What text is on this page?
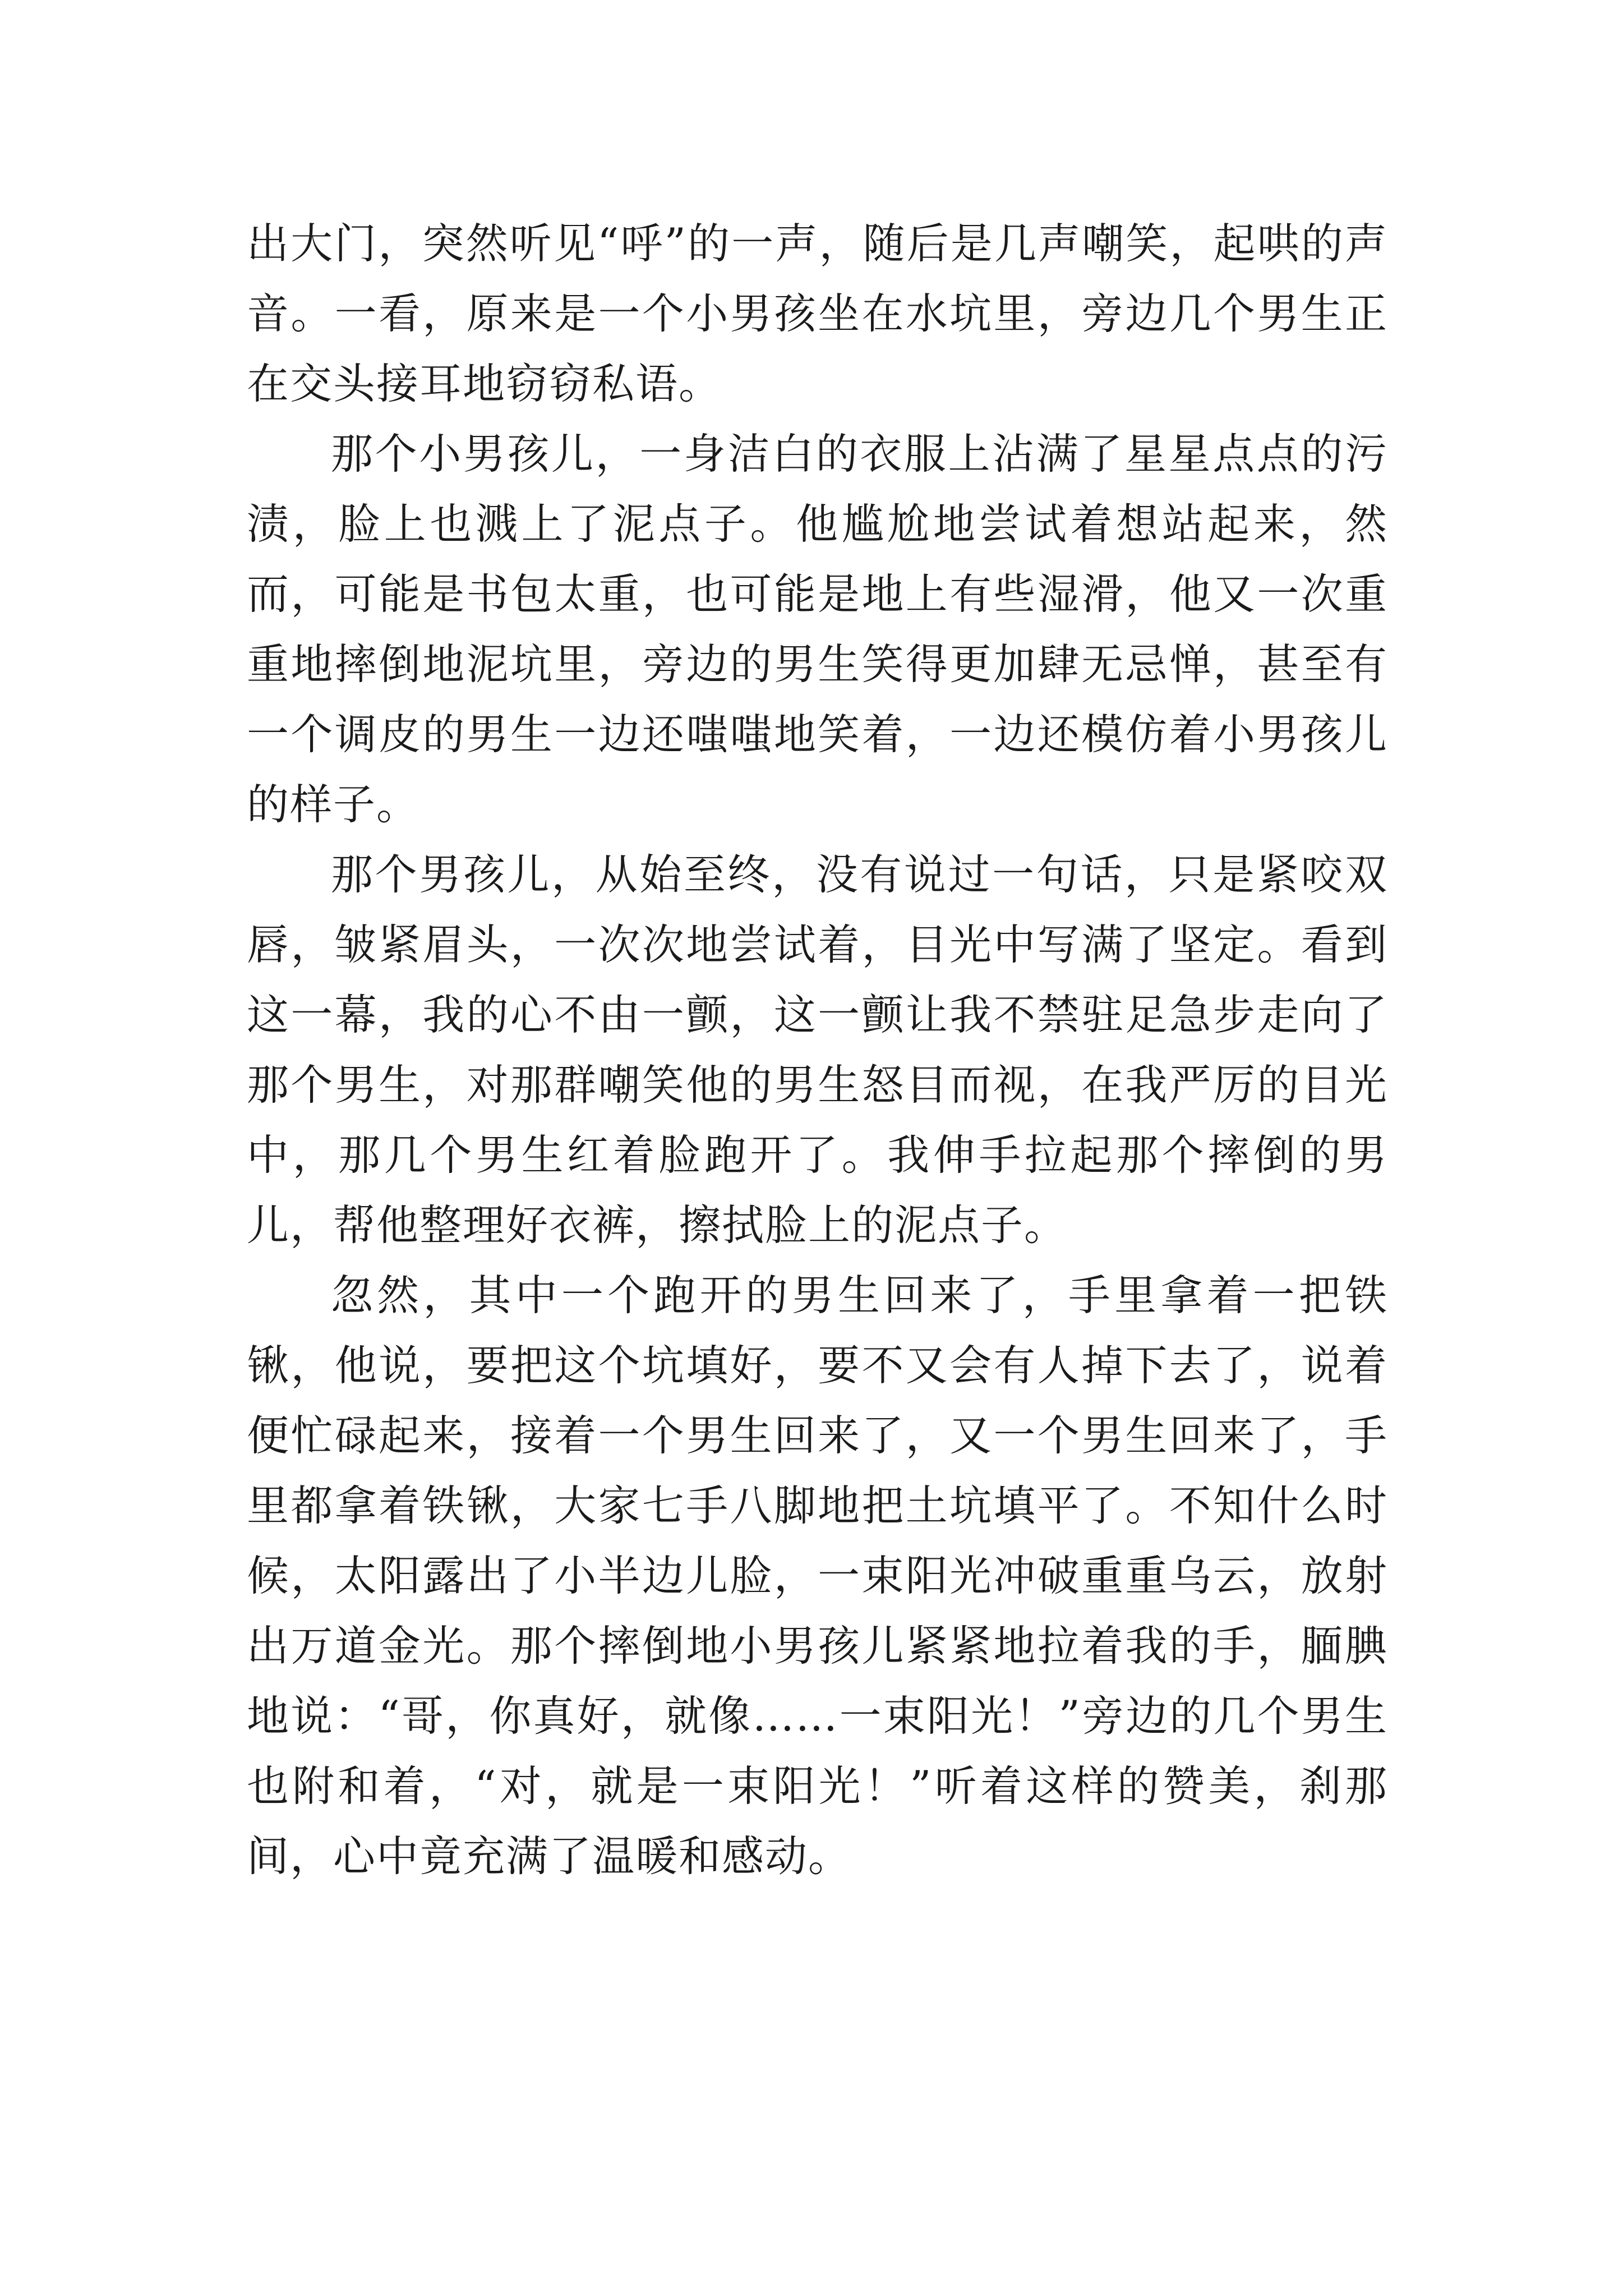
出大门，突然听见“呼”的一声，随后是几声嘲笑，起哄的声音。一看，原来是一个小男孩坐在水坑里，旁边几个男生正在交头接耳地窃窃私语。

那个小男孩儿，一身洁白的衣服上沾满了星星点点的污渍，脸上也溅上了泥点子。他尴尬地尝试着想站起来，然而，可能是书包太重，也可能是地上有些湿滑，他又一次重重地摔倒地泥坑里，旁边的男生笑得更加肆无忌惮，甚至有一个调皮的男生一边还嗤嗤地笑着，一边还模仿着小男孩儿的样子。

那个男孩儿，从始至终，没有说过一句话，只是紧咬双唇，皱紧眉头，一次次地尝试着，目光中写满了坚定。看到这一幕，我的心不由一颤，这一颤让我不禁驻足急步走向了那个男生，对那群嘲笑他的男生怒目而视，在我严厉的目光中，那几个男生红着脸跑开了。我伸手拉起那个摔倒的男儿，帮他整理好衣裤，擦拭脸上的泥点子。

忽然，其中一个跑开的男生回来了，手里拿着一把铁锹，他说，要把这个坑填好，要不又会有人掉下去了，说着便忙碌起来，接着一个男生回来了，又一个男生回来了，手里都拿着铁锹，大家七手八脚地把土坑填平了。不知什么时候，太阳露出了小半边儿脸，一束阳光冲破重重乌云，放射出万道金光。那个摔倒地小男孩儿紧紧地拉着我的手，腼腆地说：“哥，你真好，就像……一束阳光！”旁边的几个男生也附和着，“对，就是一束阳光！”听着这样的赞美，刹那间，心中竟充满了温暖和感动。
